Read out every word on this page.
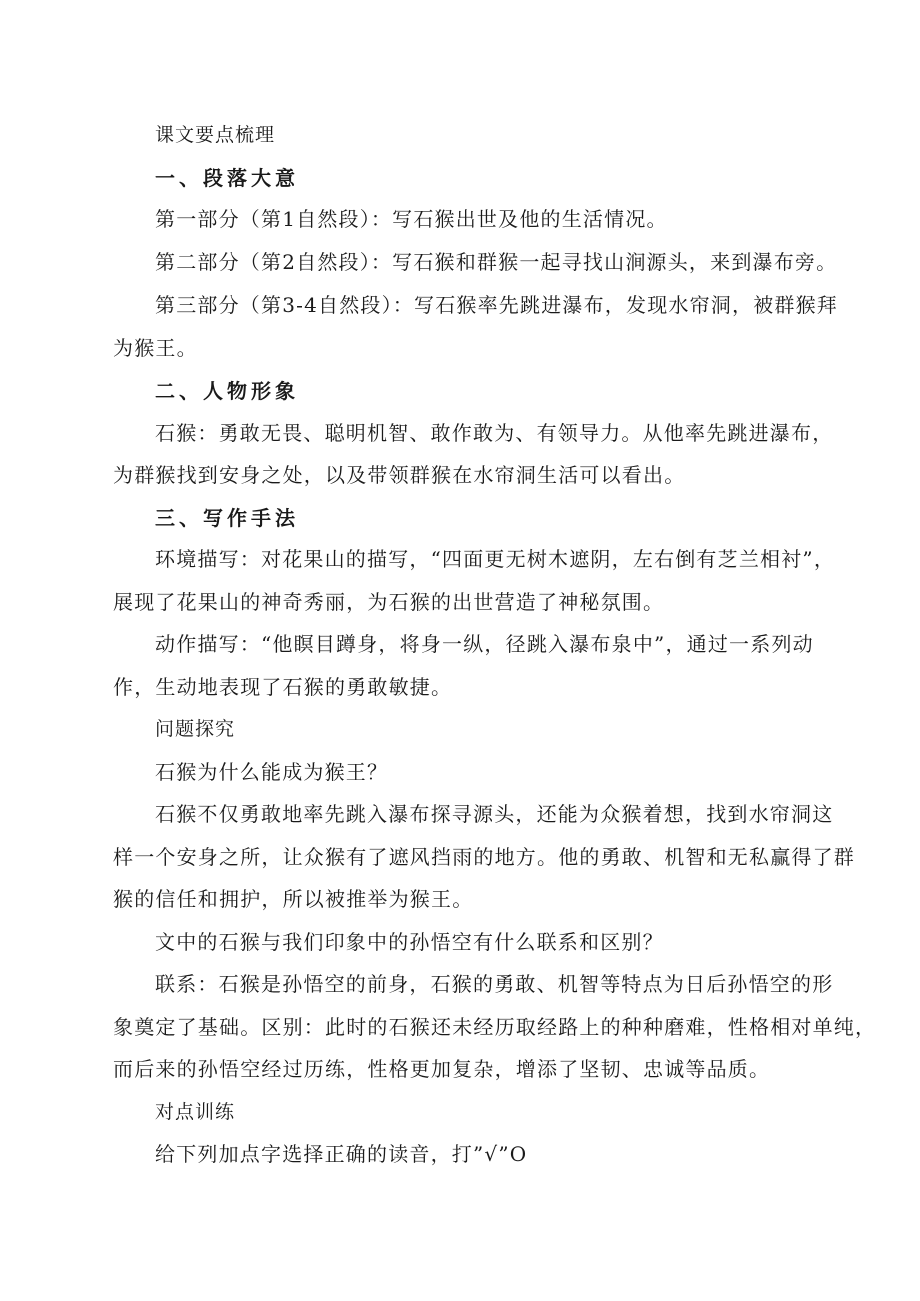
课文要点梳理
一、段落大意
第一部分（第1自然段）：写石猴出世及他的生活情况。
第二部分（第2自然段）：写石猴和群猴一起寻找山涧源头，来到瀑布旁。
第三部分（第3-4自然段）：写石猴率先跳进瀑布，发现水帘洞，被群猴拜
为猴王。
二、人物形象
石猴：勇敢无畏、聪明机智、敢作敢为、有领导力。从他率先跳进瀑布，
为群猴找到安身之处，以及带领群猴在水帘洞生活可以看出。
三、写作手法
环境描写：对花果山的描写，“四面更无树木遮阴，左右倒有芝兰相衬”，
展现了花果山的神奇秀丽，为石猴的出世营造了神秘氛围。
动作描写：“他瞑目蹲身，将身一纵，径跳入瀑布泉中”，通过一系列动
作，生动地表现了石猴的勇敢敏捷。
问题探究
石猴为什么能成为猴王？
石猴不仅勇敢地率先跳入瀑布探寻源头，还能为众猴着想，找到水帘洞这
样一个安身之所，让众猴有了遮风挡雨的地方。他的勇敢、机智和无私赢得了群
猴的信任和拥护，所以被推举为猴王。
文中的石猴与我们印象中的孙悟空有什么联系和区别？
联系：石猴是孙悟空的前身，石猴的勇敢、机智等特点为日后孙悟空的形
象奠定了基础。区别：此时的石猴还未经历取经路上的种种磨难，性格相对单纯，
而后来的孙悟空经过历练，性格更加复杂，增添了坚韧、忠诚等品质。
对点训练
给下列加点字选择正确的读音，打”√”O
